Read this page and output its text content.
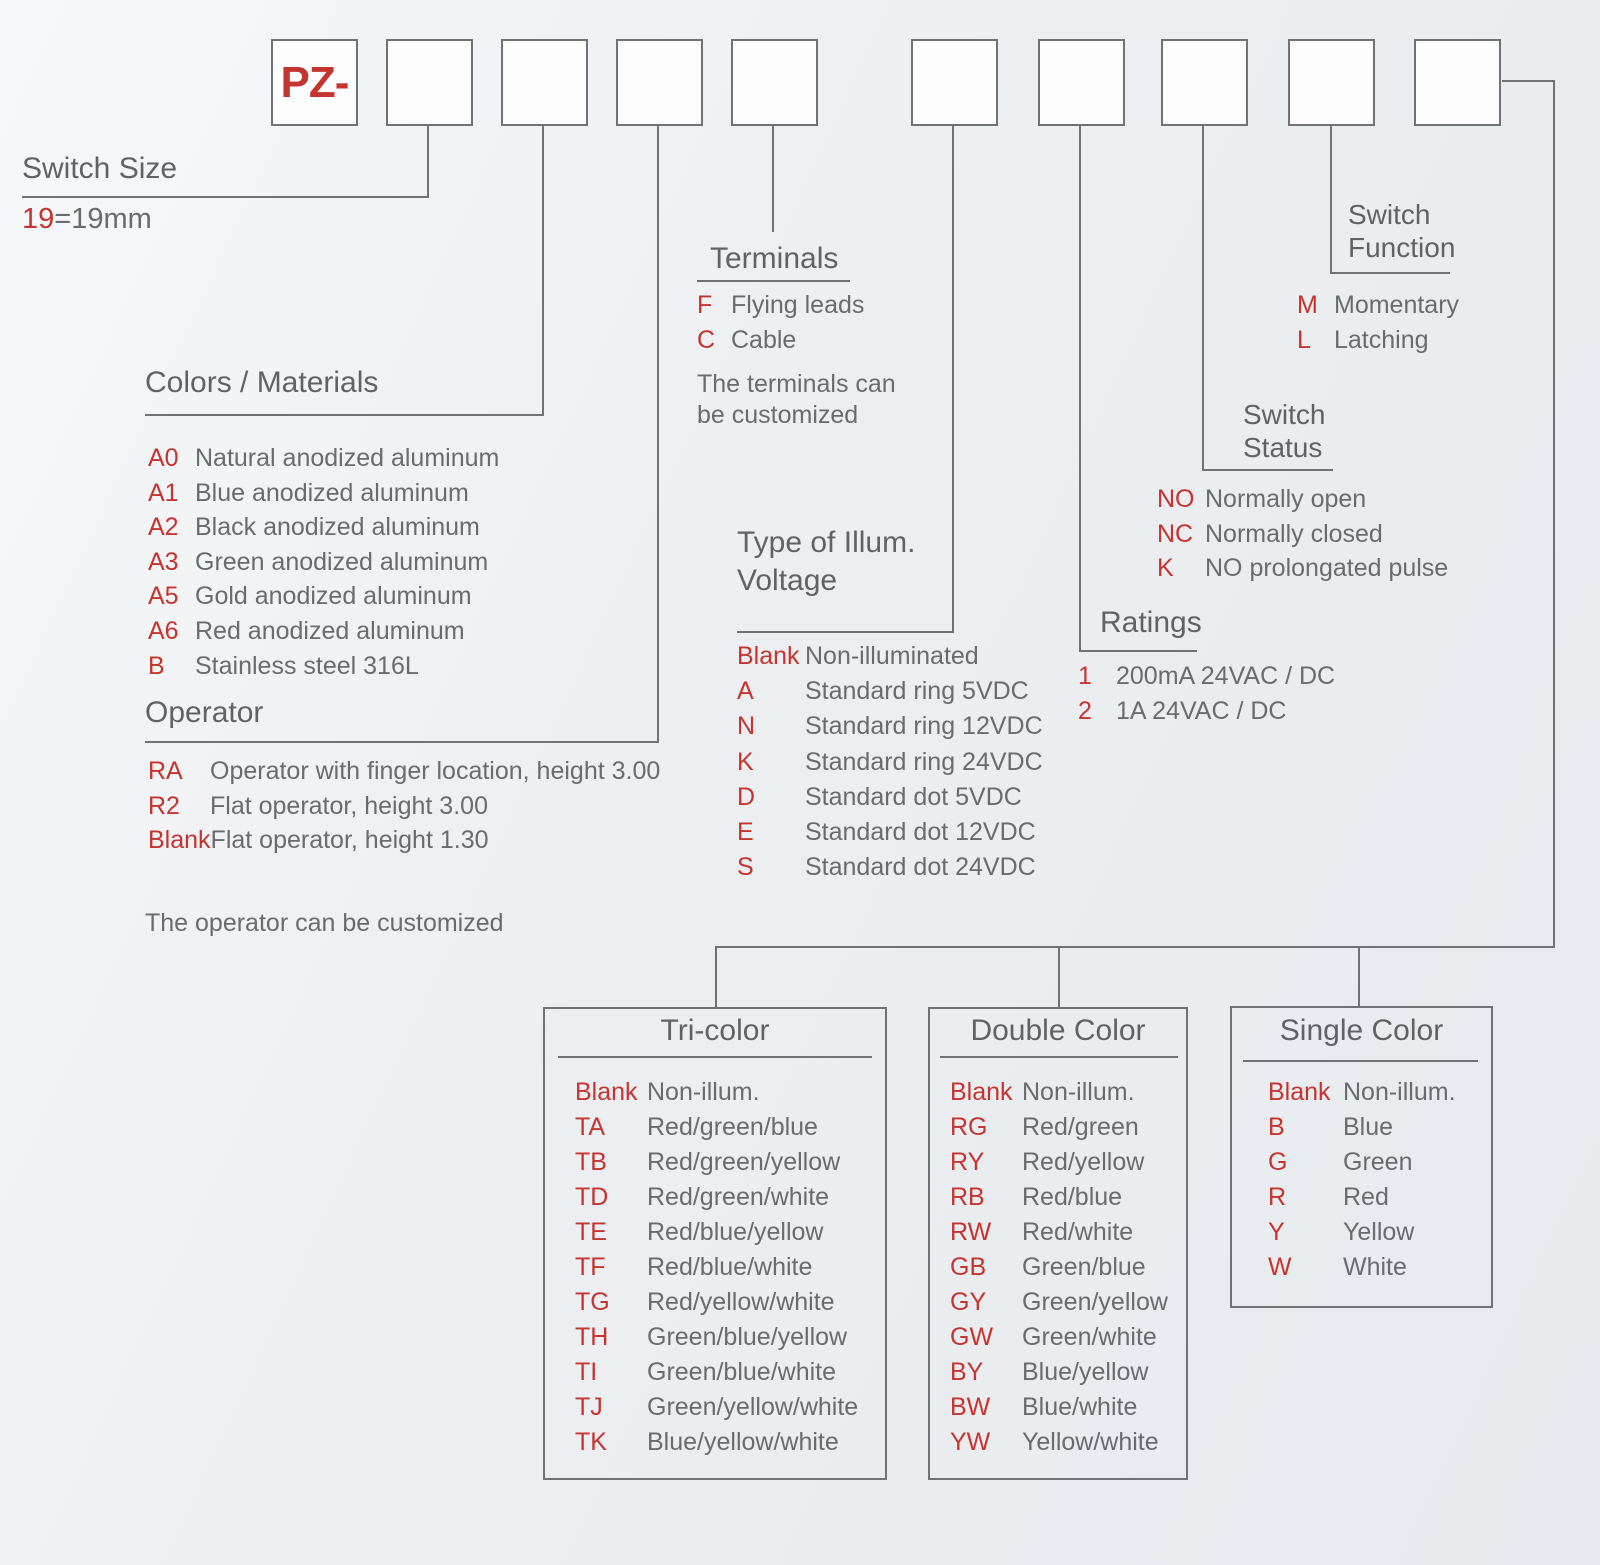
PZ-
Switch Size
19=19mm
Colors / Materials
A0 Natural anodized aluminum
A1 Blue anodized aluminum
A2 Black anodized aluminum
A3 Green anodized aluminum
A5 Gold anodized aluminum
A6 Red anodized aluminum
B	Stainless steel 316L
Operator
RA	Operator with finger location, height 3.00
R2	Flat operator, height 3.00
Blank Flat operator, height 1.30
The operator can be customized
Terminals
F Flying leads
C Cable
The terminals can
be customized
Type of Illum.
Voltage
Blank Non-illuminated
A	Standard ring 5VDC
N	Standard ring 12VDC
K	Standard ring 24VDC
D	Standard dot 5VDC
E	Standard dot 12VDC
S	Standard dot 24VDC
Ratings
1 200mA 24VAC / DC
2 1A 24VAC / DC
Switch
Status
NO Normally open
NC Normally closed
K	NO prolongated pulse
Switch
Function
M Momentary
L Latching
Tri-color	Double Color	Single Color
Blank Non-illum.
TA	Red/green/blue
TB	Red/green/yellow
TD	Red/green/white
TE	Red/blue/yellow
TF	Red/blue/white
TG	Red/yellow/white
TH	Green/blue/yellow
TI	Green/blue/white
TJ	Green/yellow/white
TK	Blue/yellow/white
Blank Non-illum.
RG	Red/green
RY	Red/yellow
RB	Red/blue
RW	Red/white
GB	Green/blue
GY	Green/yellow
GW	Green/white
BY	Blue/yellow
BW	Blue/white
YW	Yellow/white
Blank Non-illum.
B	Blue
G	Green
R	Red
Y	Yellow
W	White
